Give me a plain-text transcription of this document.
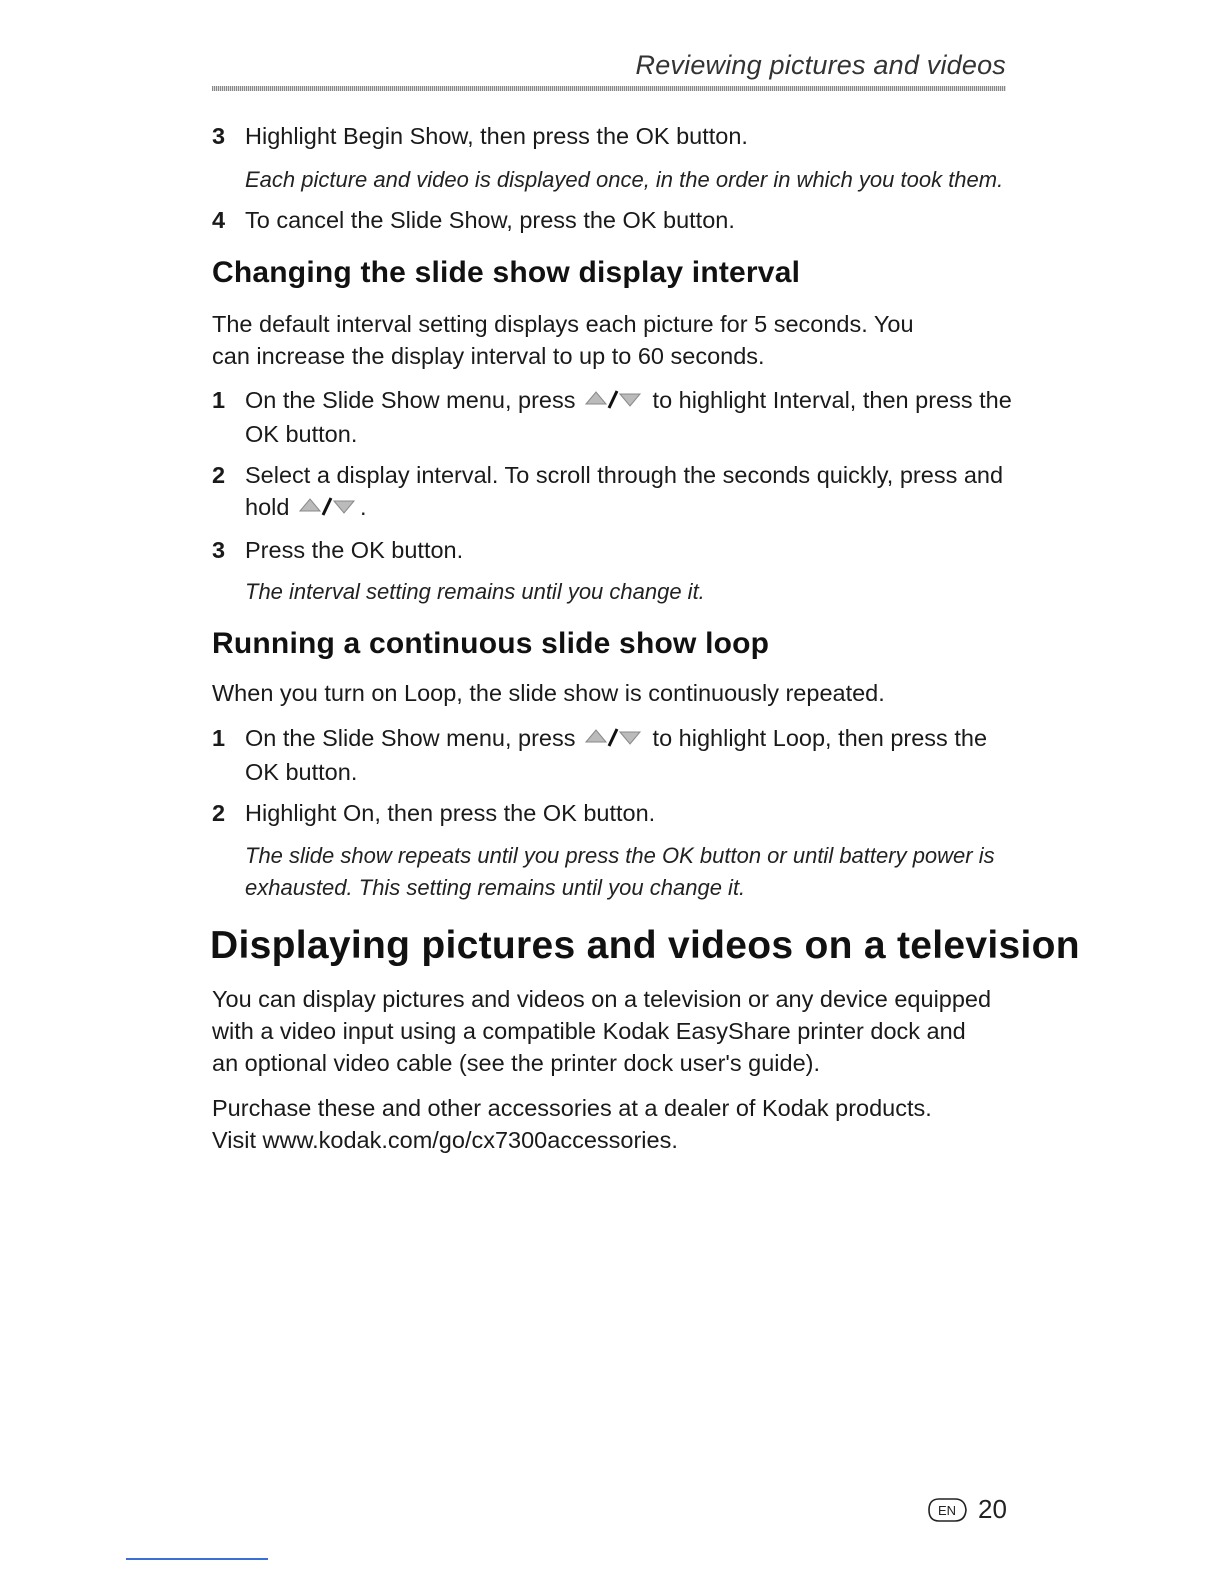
Reviewing pictures and videos
3 Highlight Begin Show, then press the OK button.
Each picture and video is displayed once, in the order in which you took them.
4 To cancel the Slide Show, press the OK button.
Changing the slide show display interval
The default interval setting displays each picture for 5 seconds. You can increase the display interval to up to 60 seconds.
1 On the Slide Show menu, press	to highlight Interval, then press the OK button.
2 Select a display interval. To scroll through the seconds quickly, press and hold	.
3 Press the OK button.
The interval setting remains until you change it.
Running a continuous slide show loop
When you turn on Loop, the slide show is continuously repeated.
1 On the Slide Show menu, press	to highlight Loop, then press the OK button.
2 Highlight On, then press the OK button.
The slide show repeats until you press the OK button or until battery power is exhausted. This setting remains until you change it.
Displaying pictures and videos on a television
You can display pictures and videos on a television or any device equipped with a video input using a compatible Kodak EasyShare printer dock and an optional video cable (see the printer dock user's guide).
Purchase these and other accessories at a dealer of Kodak products.
Visit www.kodak.com/go/cx7300accessories.
EN 20
